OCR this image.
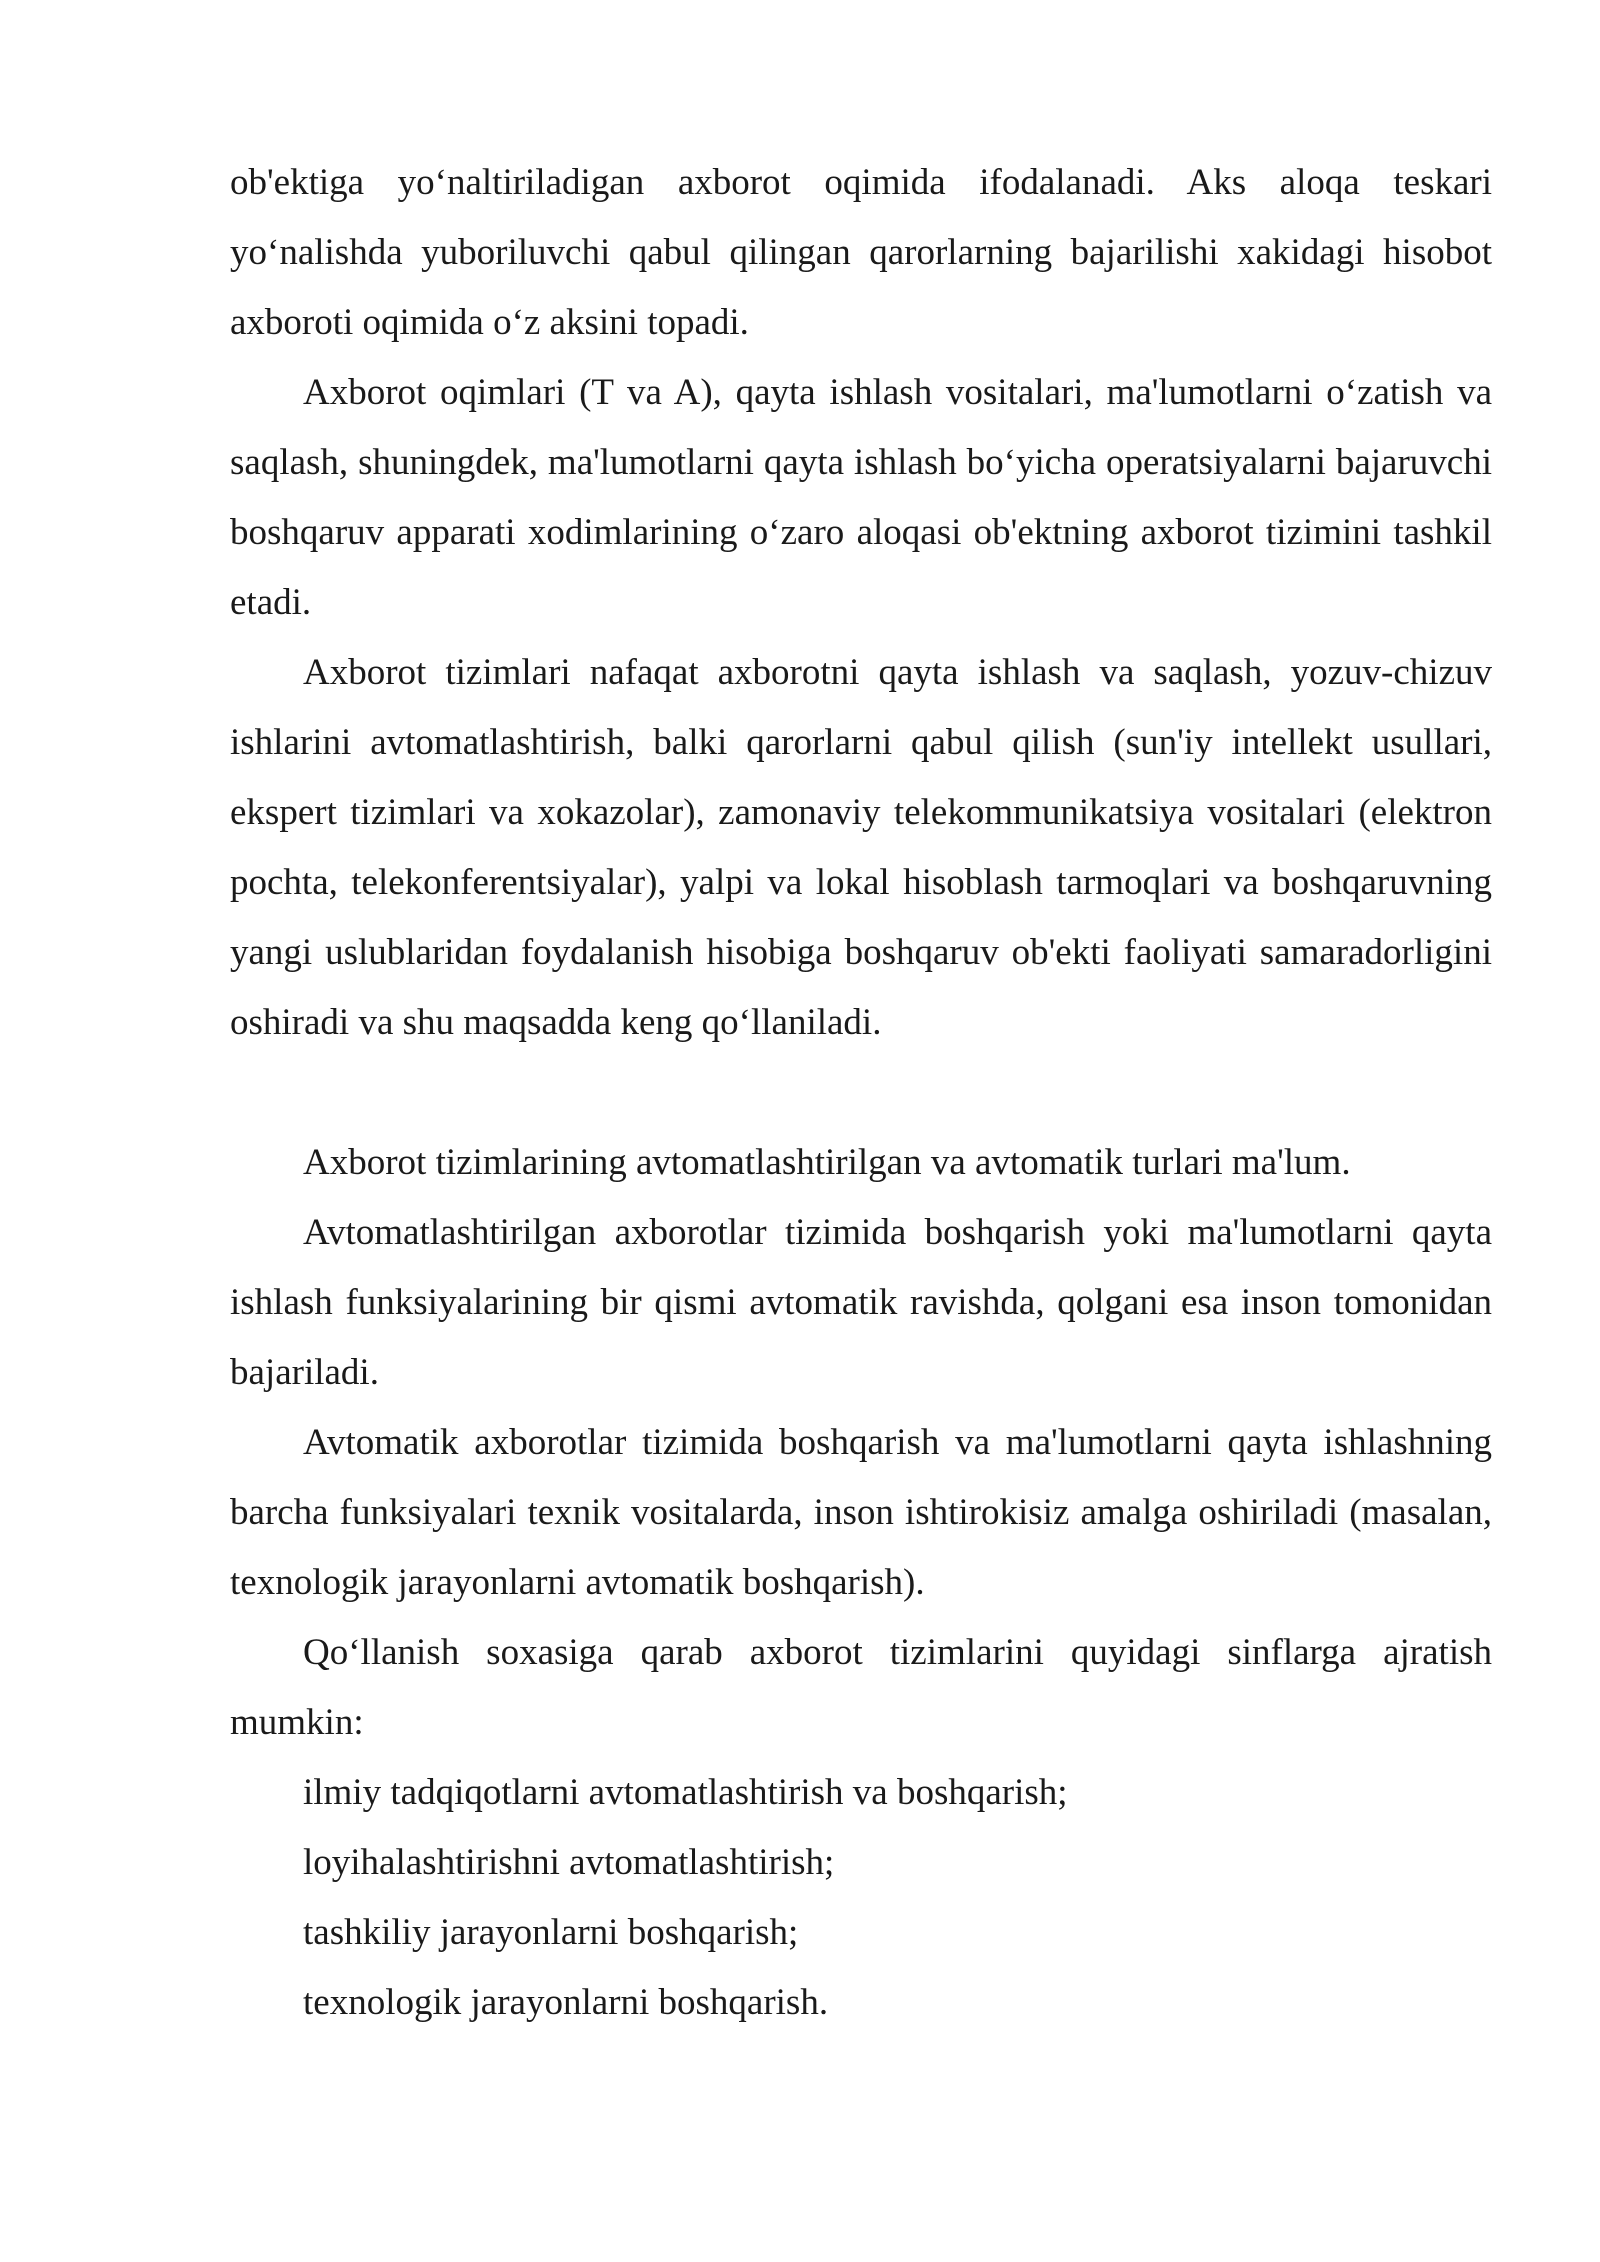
ob'ektiga yo‘naltiriladigan axborot oqimida ifodalanadi. Aks aloqa teskari yo‘nalishda yuboriluvchi qabul qilingan qarorlarning bajarilishi xakidagi hisobot axboroti oqimida o‘z aksini topadi.

Axborot oqimlari (T va A), qayta ishlash vositalari, ma'lumotlarni o‘zatish va saqlash, shuningdek, ma'lumotlarni qayta ishlash bo‘yicha operatsiyalarni bajaruvchi boshqaruv apparati xodimlarining o‘zaro aloqasi ob'ektning axborot tizimini tashkil etadi.

Axborot tizimlari nafaqat axborotni qayta ishlash va saqlash, yozuv-chizuv ishlarini avtomatlashtirish, balki qarorlarni qabul qilish (sun'iy intellekt usullari, ekspert tizimlari va xokazolar), zamonaviy telekommunikatsiya vositalari (elektron pochta, telekonferentsiyalar), yalpi va lokal hisoblash tarmoqlari va boshqaruvning yangi uslublaridan foydalanish hisobiga boshqaruv ob'ekti faoliyati samaradorligini oshiradi va shu maqsadda keng qo‘llaniladi.

Axborot tizimlarining avtomatlashtirilgan va avtomatik turlari ma'lum.

Avtomatlashtirilgan axborotlar tizimida boshqarish yoki ma'lumotlarni qayta ishlash funksiyalarining bir qismi avtomatik ravishda, qolgani esa inson tomonidan bajariladi.

Avtomatik axborotlar tizimida boshqarish va ma'lumotlarni qayta ishlashning barcha funksiyalari texnik vositalarda, inson ishtirokisiz amalga oshiriladi (masalan, texnologik jarayonlarni avtomatik boshqarish).

Qo‘llanish soxasiga qarab axborot tizimlarini quyidagi sinflarga ajratish mumkin:

ilmiy tadqiqotlarni avtomatlashtirish va boshqarish;
loyihalashtirishni avtomatlashtirish;
tashkiliy jarayonlarni boshqarish;
texnologik jarayonlarni boshqarish.
